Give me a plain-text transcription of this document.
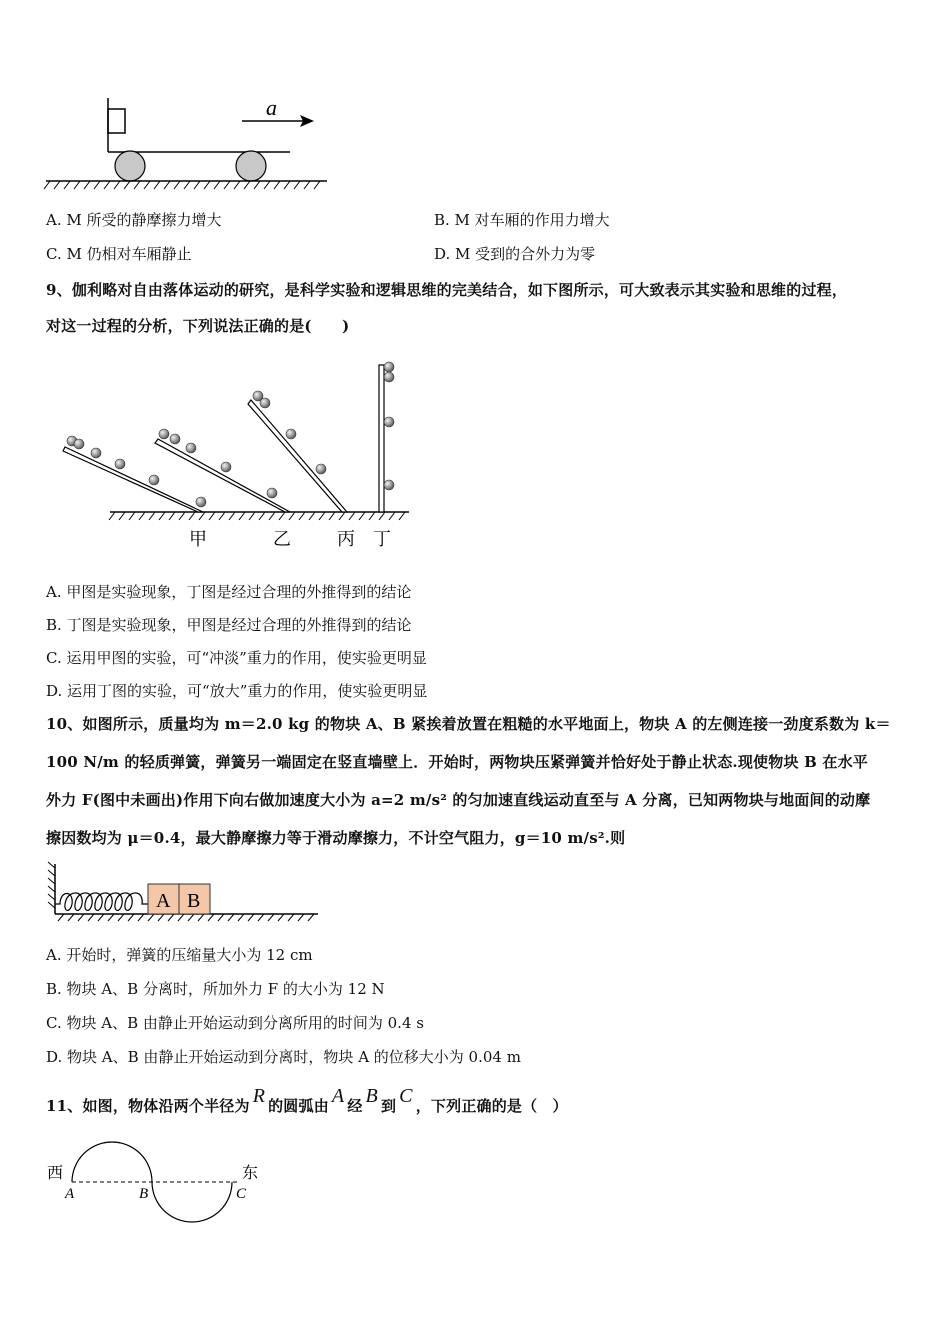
a
A. M 所受的静摩擦力增大	B. M 对车厢的作用力增大
C. M 仍相对车厢静止	D. M 受到的合外力为零
9、伽利略对自由落体运动的研究，是科学实验和逻辑思维的完美结合，如下图所示，可大致表示其实验和思维的过程，
对这一过程的分析，下列说法正确的是(　　)
甲	乙	丙 丁
A. 甲图是实验现象，丁图是经过合理的外推得到的结论
B. 丁图是实验现象，甲图是经过合理的外推得到的结论
C. 运用甲图的实验，可“冲淡”重力的作用，使实验更明显
D. 运用丁图的实验，可“放大”重力的作用，使实验更明显
10、如图所示，质量均为 m＝2.0 kg 的物块 A、B 紧挨着放置在粗糙的水平地面上，物块 A 的左侧连接一劲度系数为 k＝
100 N/m 的轻质弹簧，弹簧另一端固定在竖直墙壁上．开始时，两物块压紧弹簧并恰好处于静止状态.现使物块 B 在水平
外力 F(图中未画出)作用下向右做加速度大小为 a=2 m/s² 的匀加速直线运动直至与 A 分离，已知两物块与地面间的动摩
擦因数均为 μ＝0.4，最大静摩擦力等于滑动摩擦力，不计空气阻力，g＝10 m/s².则
A B
A. 开始时，弹簧的压缩量大小为 12 cm
B. 物块 A、B 分离时，所加外力 F 的大小为 12 N
C. 物块 A、B 由静止开始运动到分离所用的时间为 0.4 s
D. 物块 A、B 由静止开始运动到分离时，物块 A 的位移大小为 0.04 m
11、如图，物体沿两个半径为 R 的圆弧由 A 经 B 到 C ，下列正确的是（　）
西	东
A	B	C
